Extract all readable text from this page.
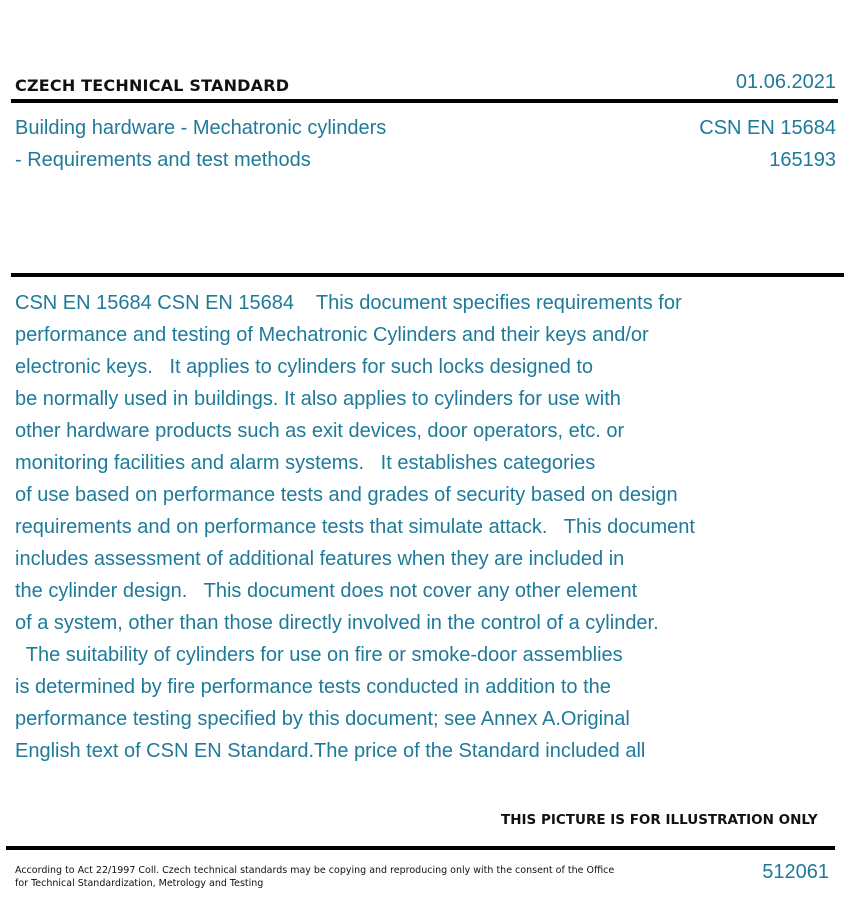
CZECH TECHNICAL STANDARD	01.06.2021
Building hardware - Mechatronic cylinders
- Requirements and test methods
CSN EN 15684
165193
CSN EN 15684 CSN EN 15684    This document specifies requirements for
performance and testing of Mechatronic Cylinders and their keys and/or
electronic keys.   It applies to cylinders for such locks designed to
be normally used in buildings. It also applies to cylinders for use with
other hardware products such as exit devices, door operators, etc. or
monitoring facilities and alarm systems.   It establishes categories
of use based on performance tests and grades of security based on design
requirements and on performance tests that simulate attack.   This document
includes assessment of additional features when they are included in
the cylinder design.   This document does not cover any other element
of a system, other than those directly involved in the control of a cylinder.
The suitability of cylinders for use on fire or smoke-door assemblies
is determined by fire performance tests conducted in addition to the
performance testing specified by this document; see Annex A.Original
English text of CSN EN Standard.The price of the Standard included all
THIS PICTURE IS FOR ILLUSTRATION ONLY
According to Act 22/1997 Coll. Czech technical standards may be copying and reproducing only with the consent of the Office
for Technical Standardization, Metrology and Testing
512061
